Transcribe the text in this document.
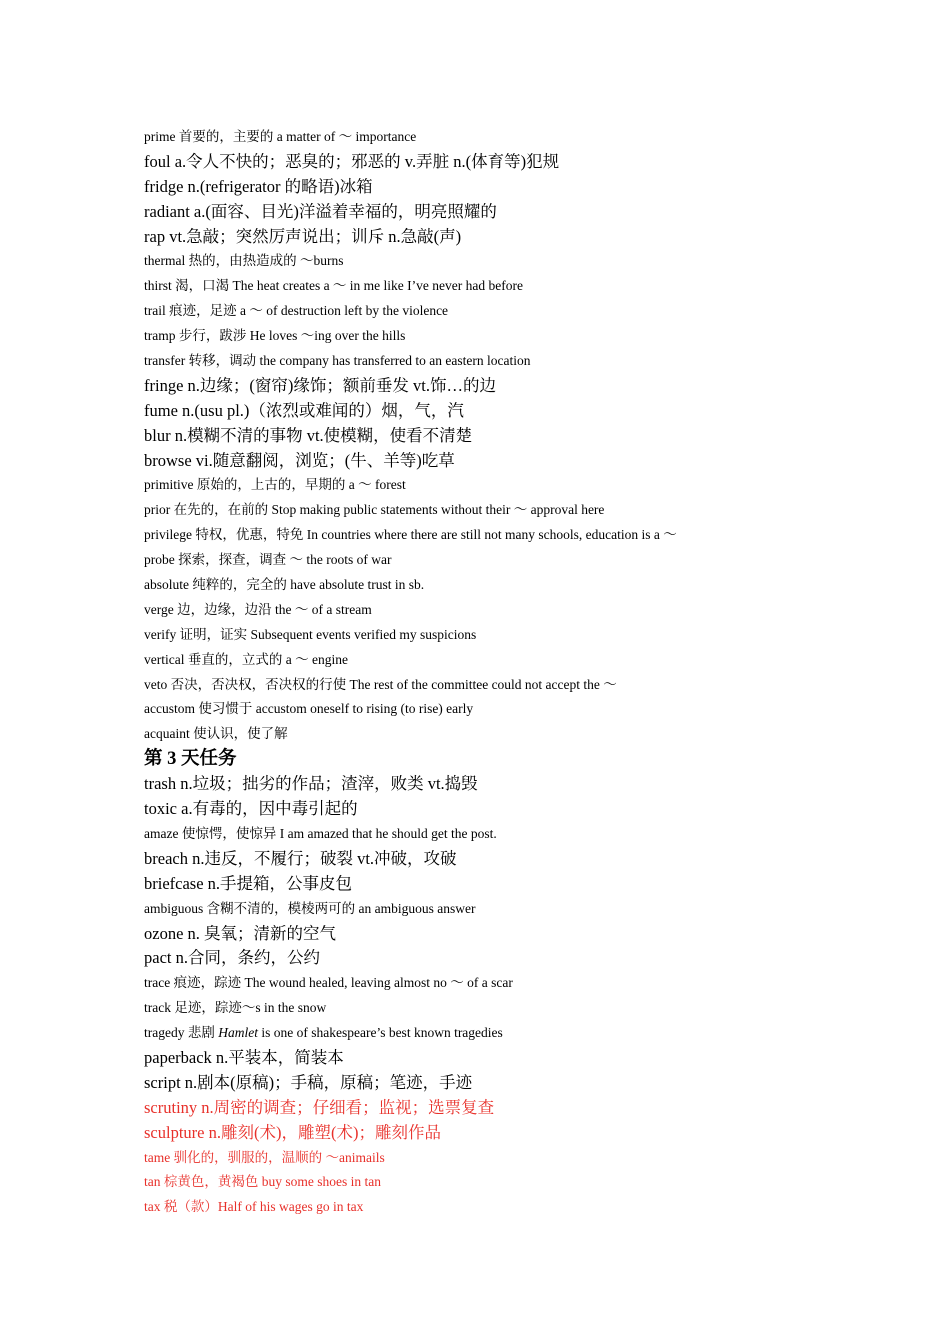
prime 首要的，主要的 a matter of ～ importance

foul a.令人不快的；恶臭的；邪恶的 v.弄脏 n.(体育等)犯规

fridge n.(refrigerator 的略语)冰箱

radiant a.(面容、目光)洋溢着幸福的，明亮照耀的

rap vt.急敲；突然厉声说出；训斥 n.急敲(声)

thermal 热的，由热造成的 ～burns

thirst 渴，口渴 The heat creates a ～ in me like I’ve never had before

trail 痕迹，足迹 a ～ of destruction left by the violence

tramp 步行，跋涉 He loves ～ing over the hills

transfer 转移，调动 the company has transferred to an eastern location

fringe n.边缘；(窗帘)缘饰；额前垂发 vt.饰…的边

fume n.(usu pl.)（浓烈或难闻的）烟，气，汽

blur n.模糊不清的事物 vt.使模糊，使看不清楚

browse vi.随意翻阅，浏览；(牛、羊等)吃草

primitive 原始的，上古的，早期的 a ～ forest

prior 在先的，在前的 Stop making public statements without their ～ approval here

privilege 特权，优惠，特免 In countries where there are still not many schools, education is a ～

probe 探索，探查，调查 ～ the roots of war

absolute 纯粹的，完全的 have absolute trust in sb.

verge 边，边缘，边沿 the ～ of a stream

verify 证明，证实 Subsequent events verified my suspicions

vertical 垂直的，立式的 a ～ engine

veto 否决，否决权，否决权的行使 The rest of the committee could not accept the ～

accustom 使习惯于 accustom oneself to rising (to rise) early

acquaint 使认识，使了解

第 3 天任务

trash n.垃圾；拙劣的作品；渣滓，败类 vt.捣毁

toxic a.有毒的，因中毒引起的

amaze 使惊愕，使惊异 I am amazed that he should get the post.

breach n.违反，不履行；破裂 vt.冲破，攻破

briefcase n.手提箱，公事皮包

ambiguous 含糊不清的，模棱两可的 an ambiguous answer

ozone n. 臭氧；清新的空气

pact n.合同，条约，公约

trace 痕迹，踪迹 The wound healed, leaving almost no ～ of a scar

track 足迹，踪迹～s in the snow

tragedy 悲剧 Hamlet is one of shakespeare’s best known tragedies

paperback n.平装本，简装本

script n.剧本(原稿)；手稿，原稿；笔迹，手迹

scrutiny n.周密的调查；仔细看；监视；选票复查

sculpture n.雕刻(术)，雕塑(术)；雕刻作品

tame 驯化的，驯服的，温顺的 ～animails

tan 棕黄色，黄褐色 buy some shoes in tan

tax 税（款）Half of his wages go in tax
